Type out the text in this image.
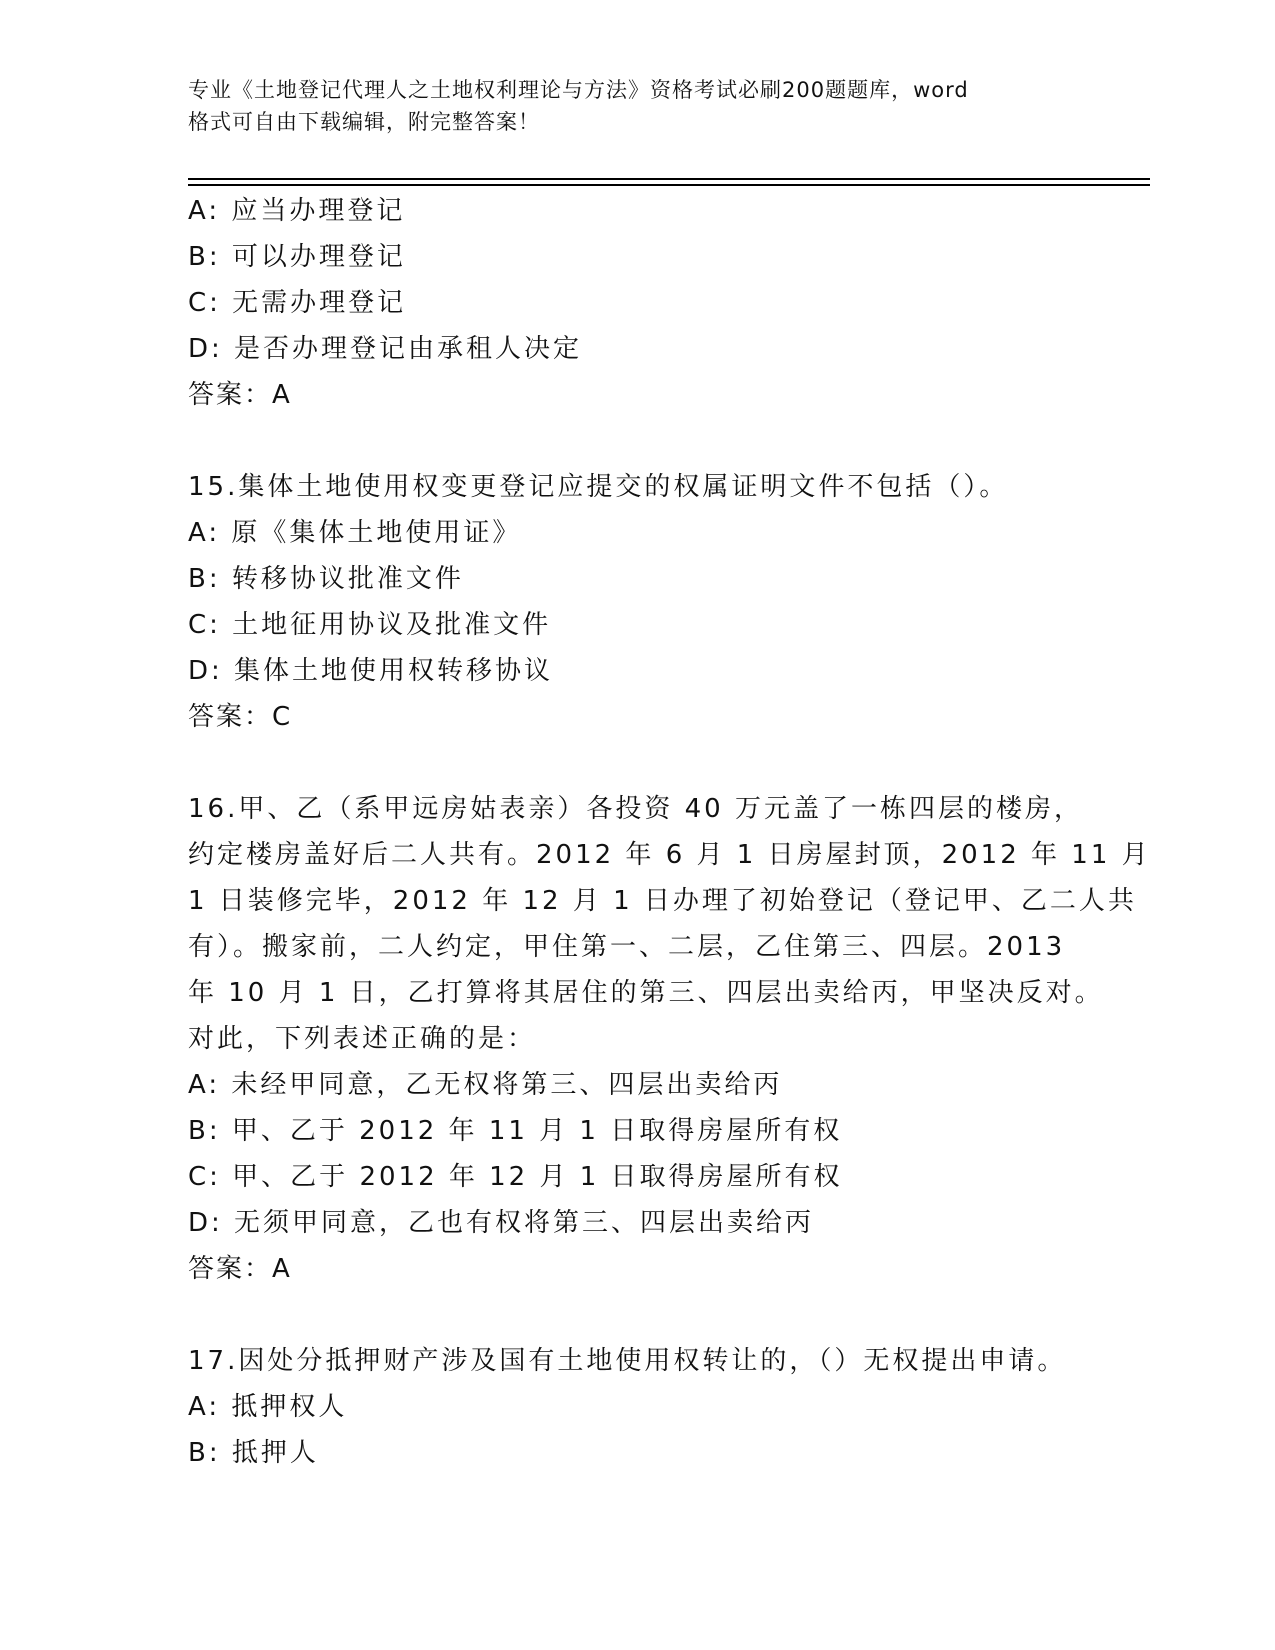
专业《土地登记代理人之土地权利理论与方法》资格考试必刷200题题库，word
格式可自由下载编辑，附完整答案！
A: 应当办理登记
B: 可以办理登记
C: 无需办理登记
D: 是否办理登记由承租人决定
答案：A
15.集体土地使用权变更登记应提交的权属证明文件不包括（）。
A: 原《集体土地使用证》
B: 转移协议批准文件
C: 土地征用协议及批准文件
D: 集体土地使用权转移协议
答案：C
16.甲、乙（系甲远房姑表亲）各投资 40 万元盖了一栋四层的楼房，
约定楼房盖好后二人共有。2012 年 6 月 1 日房屋封顶，2012 年 11 月
1 日装修完毕，2012 年 12 月 1 日办理了初始登记（登记甲、乙二人共
有）。搬家前，二人约定，甲住第一、二层，乙住第三、四层。2013
年 10 月 1 日，乙打算将其居住的第三、四层出卖给丙，甲坚决反对。
对此，下列表述正确的是：
A: 未经甲同意，乙无权将第三、四层出卖给丙
B: 甲、乙于 2012 年 11 月 1 日取得房屋所有权
C: 甲、乙于 2012 年 12 月 1 日取得房屋所有权
D: 无须甲同意，乙也有权将第三、四层出卖给丙
答案：A
17.因处分抵押财产涉及国有土地使用权转让的，（）无权提出申请。
A: 抵押权人
B: 抵押人
